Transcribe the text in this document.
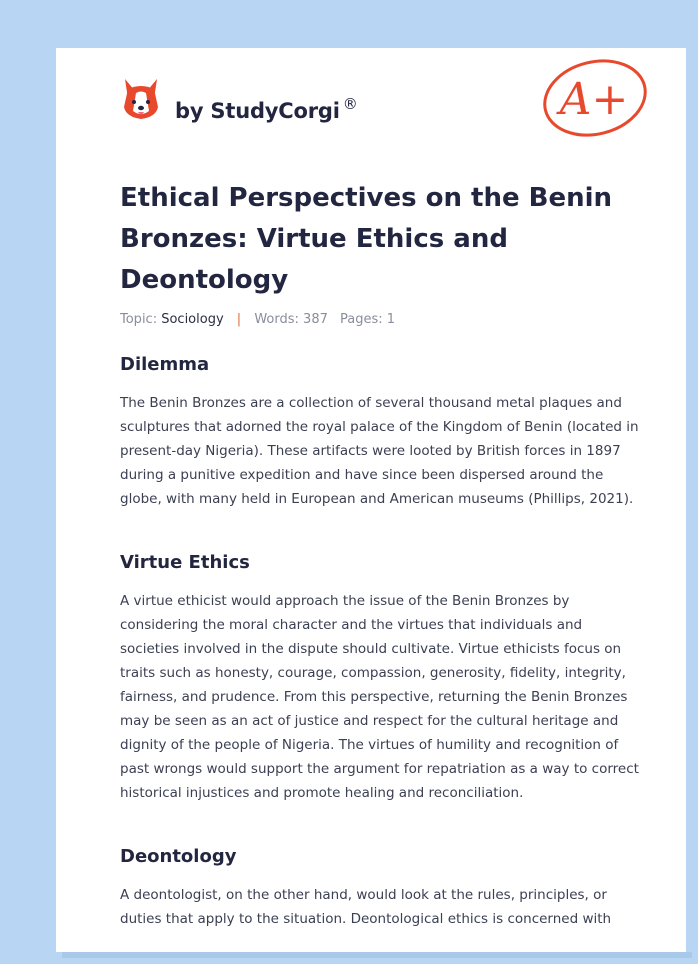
by StudyCorgi ®	A+
Ethical Perspectives on the Benin Bronzes: Virtue Ethics and Deontology
Topic: Sociology | Words: 387 Pages: 1
Dilemma

The Benin Bronzes are a collection of several thousand metal plaques and sculptures that adorned the royal palace of the Kingdom of Benin (located in present-day Nigeria). These artifacts were looted by British forces in 1897 during a punitive expedition and have since been dispersed around the globe, with many held in European and American museums (Phillips, 2021).

Virtue Ethics

A virtue ethicist would approach the issue of the Benin Bronzes by considering the moral character and the virtues that individuals and societies involved in the dispute should cultivate. Virtue ethicists focus on traits such as honesty, courage, compassion, generosity, fidelity, integrity, fairness, and prudence. From this perspective, returning the Benin Bronzes may be seen as an act of justice and respect for the cultural heritage and dignity of the people of Nigeria. The virtues of humility and recognition of past wrongs would support the argument for repatriation as a way to correct historical injustices and promote healing and reconciliation.

Deontology

A deontologist, on the other hand, would look at the rules, principles, or duties that apply to the situation. Deontological ethics is concerned with
